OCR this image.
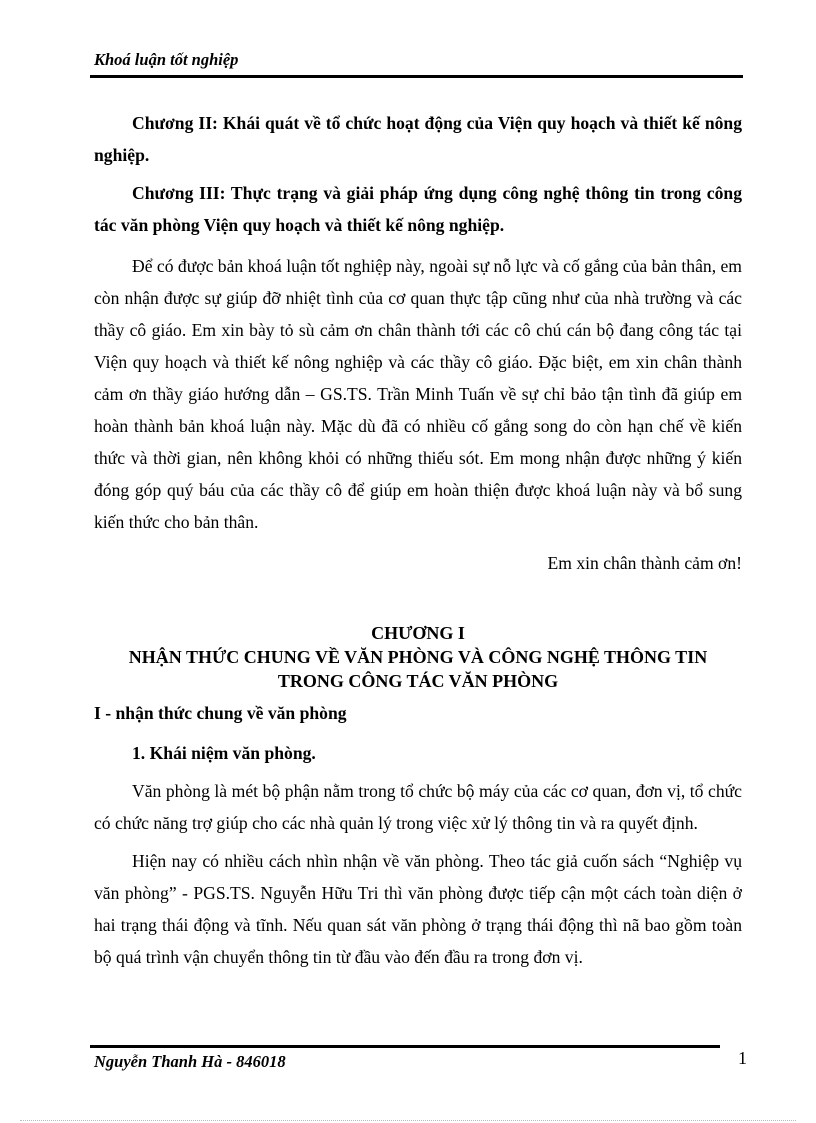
Khoá luận tốt nghiệp

Chương II: Khái quát về tổ chức hoạt động của Viện quy hoạch và thiết kế nông nghiệp.

Chương III: Thực trạng và giải pháp ứng dụng công nghệ thông tin trong công tác văn phòng Viện quy hoạch và thiết kế nông nghiệp.

Để có được bản khoá luận tốt nghiệp này, ngoài sự nỗ lực và cố gắng của bản thân, em còn nhận được sự giúp đỡ nhiệt tình của cơ quan thực tập cũng như của nhà trường và các thầy cô giáo. Em xin bày tỏ sù cảm ơn chân thành tới các cô chú cán bộ đang công tác tại Viện quy hoạch và thiết kế nông nghiệp và các thầy cô giáo. Đặc biệt, em xin chân thành cảm ơn thầy giáo hướng dẫn – GS.TS. Trần Minh Tuấn về sự chỉ bảo tận tình đã giúp em hoàn thành bản khoá luận này. Mặc dù đã có nhiều cố gắng song do còn hạn chế về kiến thức và thời gian, nên không khỏi có những thiếu sót. Em mong nhận được những ý kiến đóng góp quý báu của các thầy cô để giúp em hoàn thiện được khoá luận này và bổ sung kiến thức cho bản thân.

Em xin chân thành cảm ơn!

CHƯƠNG I
NHẬN THỨC CHUNG VỀ VĂN PHÒNG VÀ CÔNG NGHỆ THÔNG TIN
TRONG CÔNG TÁC VĂN PHÒNG

I - nhận thức chung về văn phòng

1. Khái niệm văn phòng.

Văn phòng là mét bộ phận nằm trong tổ chức bộ máy của các cơ quan, đơn vị, tổ chức có chức năng trợ giúp cho các nhà quản lý trong việc xử lý thông tin và ra quyết định.

Hiện nay có nhiều cách nhìn nhận về văn phòng. Theo tác giả cuốn sách “Nghiệp vụ văn phòng” - PGS.TS. Nguyễn Hữu Tri thì văn phòng được tiếp cận một cách toàn diện ở hai trạng thái động và tĩnh. Nếu quan sát văn phòng ở trạng thái động thì nã bao gồm toàn bộ quá trình vận chuyển thông tin từ đầu vào đến đầu ra trong đơn vị.

Nguyễn Thanh Hà - 846018	1
